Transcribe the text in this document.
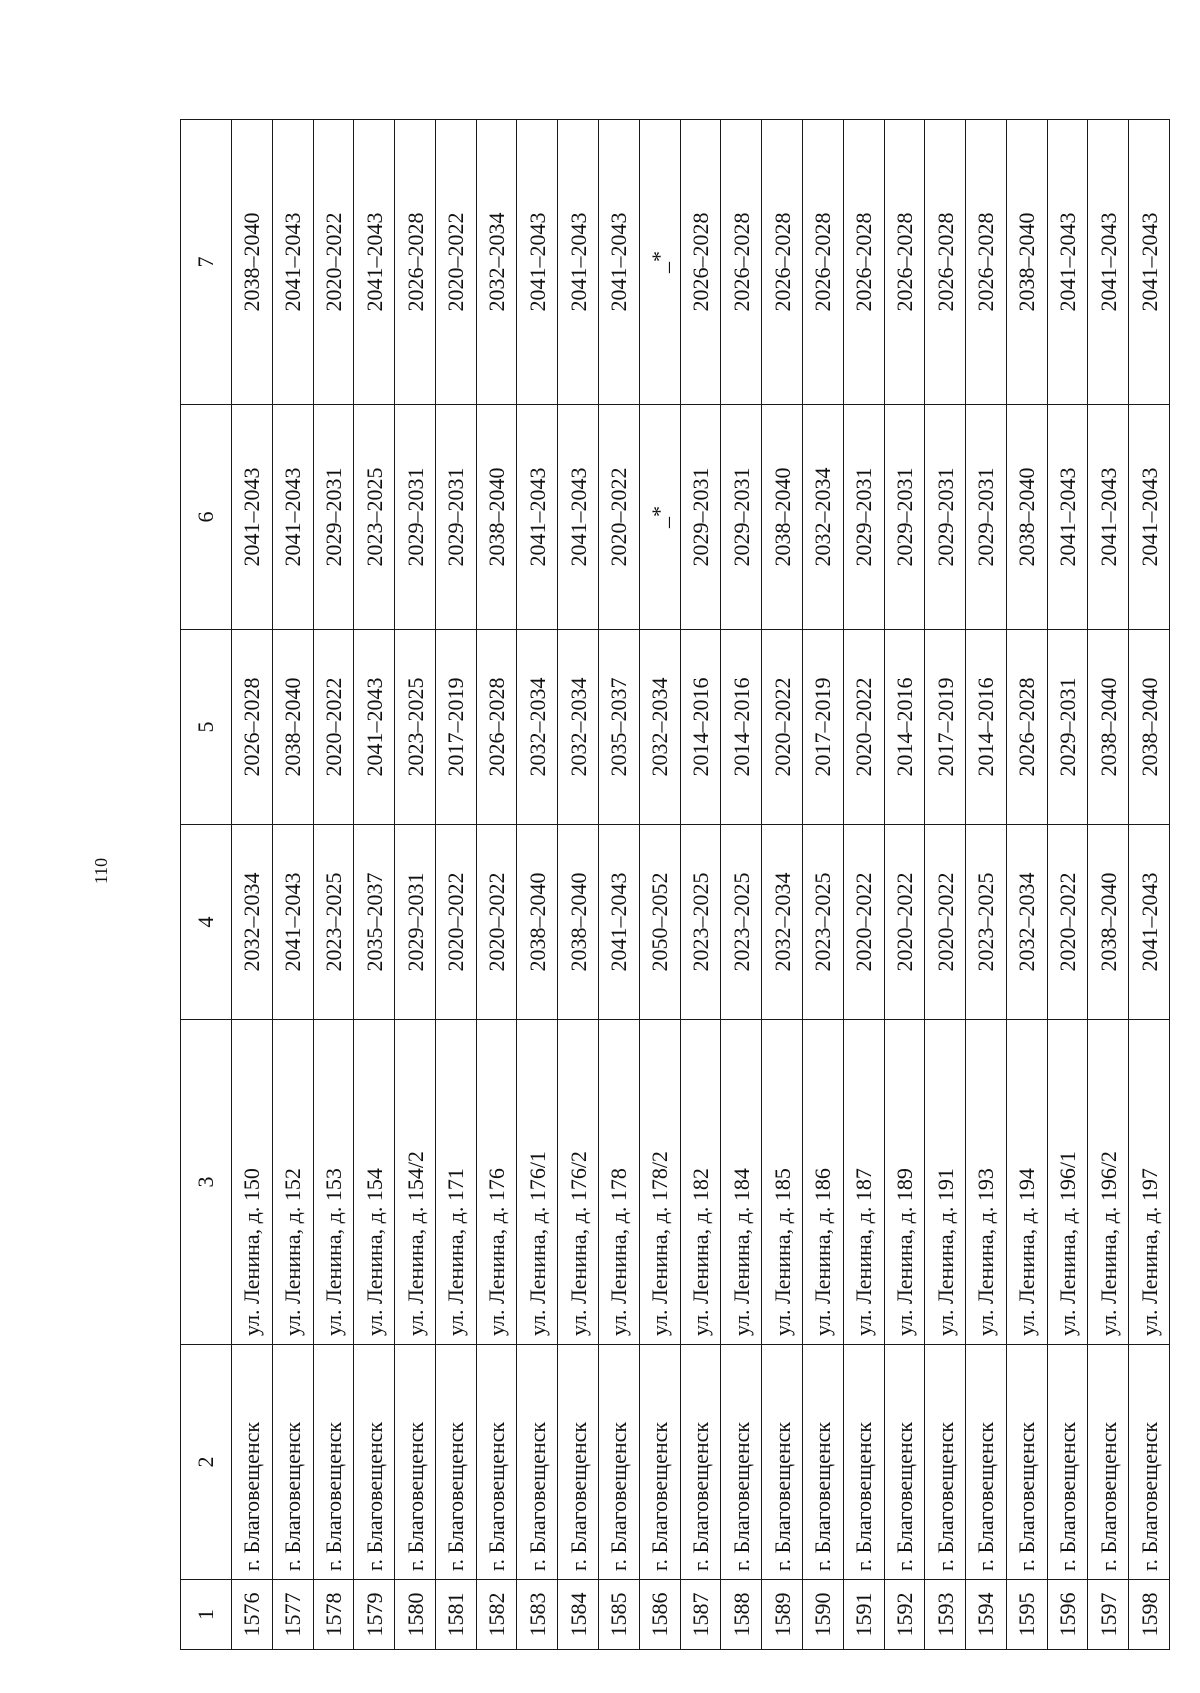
110
1	2	3	4	5	6	7
1576	г. Благовещенск	ул. Ленина, д. 150	2032–2034	2026–2028	2041–2043	2038–2040
1577	г. Благовещенск	ул. Ленина, д. 152	2041–2043	2038–2040	2041–2043	2041–2043
1578	г. Благовещенск	ул. Ленина, д. 153	2023–2025	2020–2022	2029–2031	2020–2022
1579	г. Благовещенск	ул. Ленина, д. 154	2035–2037	2041–2043	2023–2025	2041–2043
1580	г. Благовещенск	ул. Ленина, д. 154/2	2029–2031	2023–2025	2029–2031	2026–2028
1581	г. Благовещенск	ул. Ленина, д. 171	2020–2022	2017–2019	2029–2031	2020–2022
1582	г. Благовещенск	ул. Ленина, д. 176	2020–2022	2026–2028	2038–2040	2032–2034
1583	г. Благовещенск	ул. Ленина, д. 176/1	2038–2040	2032–2034	2041–2043	2041–2043
1584	г. Благовещенск	ул. Ленина, д. 176/2	2038–2040	2032–2034	2041–2043	2041–2043
1585	г. Благовещенск	ул. Ленина, д. 178	2041–2043	2035–2037	2020–2022	2041–2043
1586	г. Благовещенск	ул. Ленина, д. 178/2	2050–2052	2032–2034	_*	_*
1587	г. Благовещенск	ул. Ленина, д. 182	2023–2025	2014–2016	2029–2031	2026–2028
1588	г. Благовещенск	ул. Ленина, д. 184	2023–2025	2014–2016	2029–2031	2026–2028
1589	г. Благовещенск	ул. Ленина, д. 185	2032–2034	2020–2022	2038–2040	2026–2028
1590	г. Благовещенск	ул. Ленина, д. 186	2023–2025	2017–2019	2032–2034	2026–2028
1591	г. Благовещенск	ул. Ленина, д. 187	2020–2022	2020–2022	2029–2031	2026–2028
1592	г. Благовещенск	ул. Ленина, д. 189	2020–2022	2014–2016	2029–2031	2026–2028
1593	г. Благовещенск	ул. Ленина, д. 191	2020–2022	2017–2019	2029–2031	2026–2028
1594	г. Благовещенск	ул. Ленина, д. 193	2023–2025	2014–2016	2029–2031	2026–2028
1595	г. Благовещенск	ул. Ленина, д. 194	2032–2034	2026–2028	2038–2040	2038–2040
1596	г. Благовещенск	ул. Ленина, д. 196/1	2020–2022	2029–2031	2041–2043	2041–2043
1597	г. Благовещенск	ул. Ленина, д. 196/2	2038–2040	2038–2040	2041–2043	2041–2043
1598	г. Благовещенск	ул. Ленина, д. 197	2041–2043	2038–2040	2041–2043	2041–2043
